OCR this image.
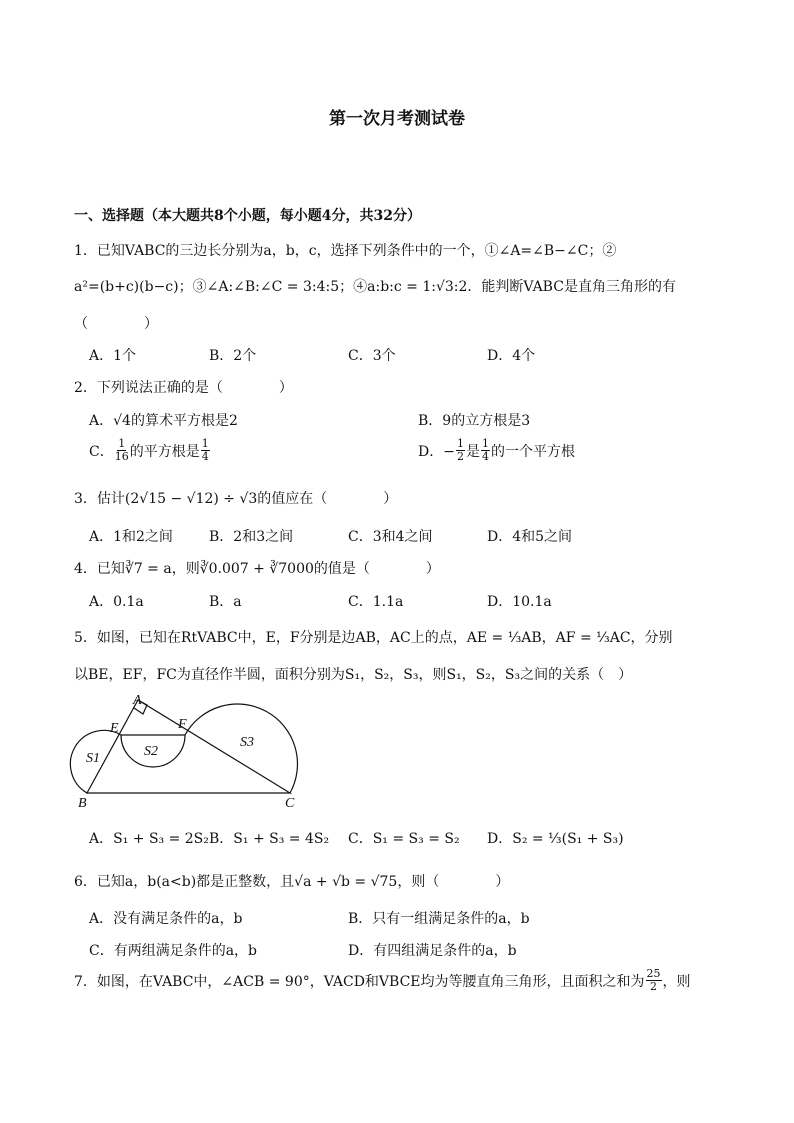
第一次月考测试卷
一、选择题（本大题共8个小题，每小题4分，共32分）
1．已知VABC的三边长分别为a，b，c，选择下列条件中的一个，①∠A=∠B−∠C；②
a²=(b+c)(b−c)；③∠A:∠B:∠C = 3:4:5；④a:b:c = 1:√3:2．能判断VABC是直角三角形的有
（　　　　）
A．1个	B．2个	C．3个	D．4个
2．下列说法正确的是（　　　　）
A．√4的算术平方根是2	B．9的立方根是3
C． $\frac{1}{16}$ 的平方根是 $\frac{1}{4}$	D．− $\frac{1}{2}$ 是 $\frac{1}{4}$ 的一个平方根
3．估计(2√15 − √12) ÷ √3的值应在（　　　　）
A．1和2之间	B．2和3之间	C．3和4之间	D．4和5之间
4．已知∛7 = a，则∛0.007 + ∛7000的值是（　　　　）
A．0.1a	B．a	C．1.1a	D．10.1a
5．如图，已知在RtVABC中，E，F分别是边AB，AC上的点，AE = ⅓AB，AF = ⅓AC，分别
以BE，EF，FC为直径作半圆，面积分别为S₁，S₂，S₃，则S₁，S₂，S₃之间的关系（　）
A
E	F
B	C
S1	S2
S3
A．S₁ + S₃ = 2S₂ B．S₁ + S₃ = 4S₂ C．S₁ = S₃ = S₂ D．S₂ = ⅓(S₁ + S₃)
6．已知a，b(a<b)都是正整数，且√a + √b = √75，则（　　　　）
A．没有满足条件的a，b	B．只有一组满足条件的a，b
C．有两组满足条件的a，b	D．有四组满足条件的a，b
7．如图，在VABC中，∠ACB = 90°，VACD和VBCE均为等腰直角三角形，且面积之和为 $\frac{25}{2}$ ，则
